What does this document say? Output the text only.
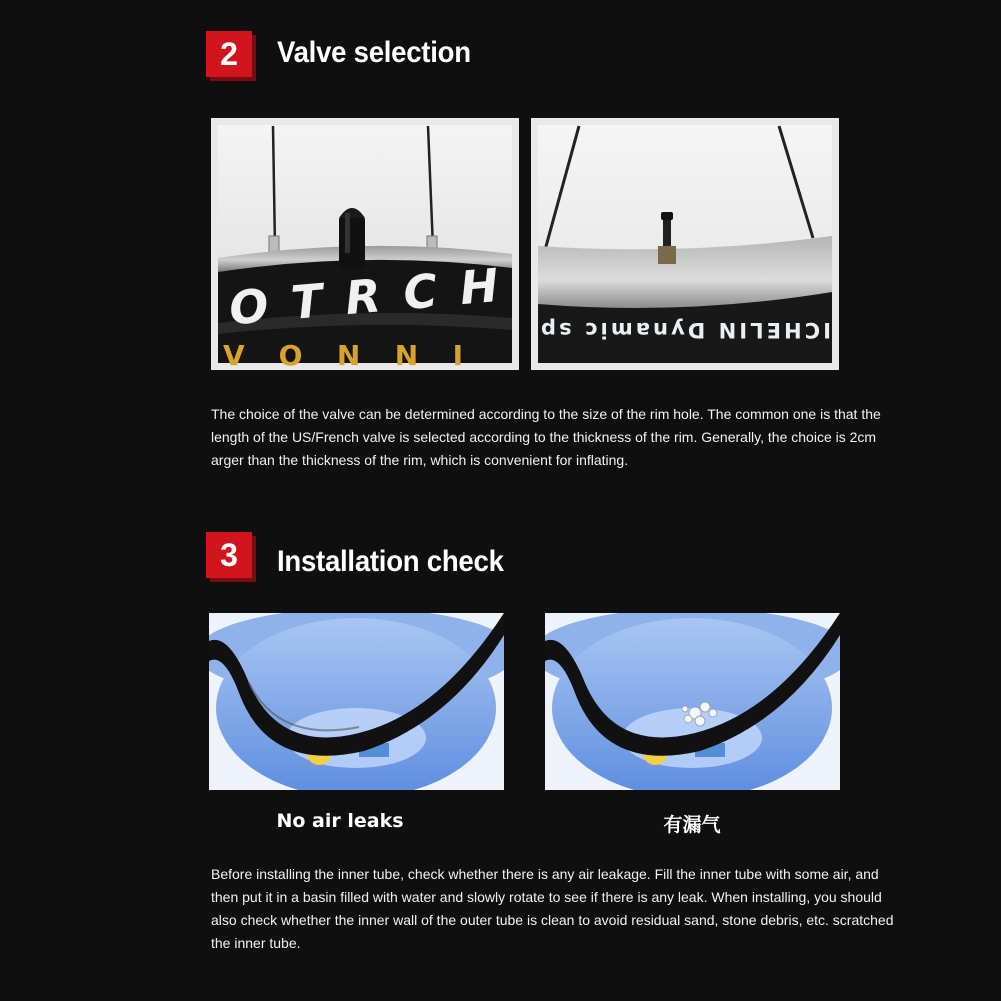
2 Valve selection
OTRCH
VONNI
ICHELIN Dynamic sp
The choice of the valve can be determined according to the size of the rim hole. The common one is that the length of the US/French valve is selected according to the thickness of the rim. Generally, the choice is 2cm arger than the thickness of the rim, which is convenient for inflating.
3 Installation check
No air leaks	有漏气
Before installing the inner tube, check whether there is any air leakage. Fill the inner tube with some air, and then put it in a basin filled with water and slowly rotate to see if there is any leak. When installing, you should also check whether the inner wall of the outer tube is clean to avoid residual sand, stone debris, etc. scratched the inner tube.
